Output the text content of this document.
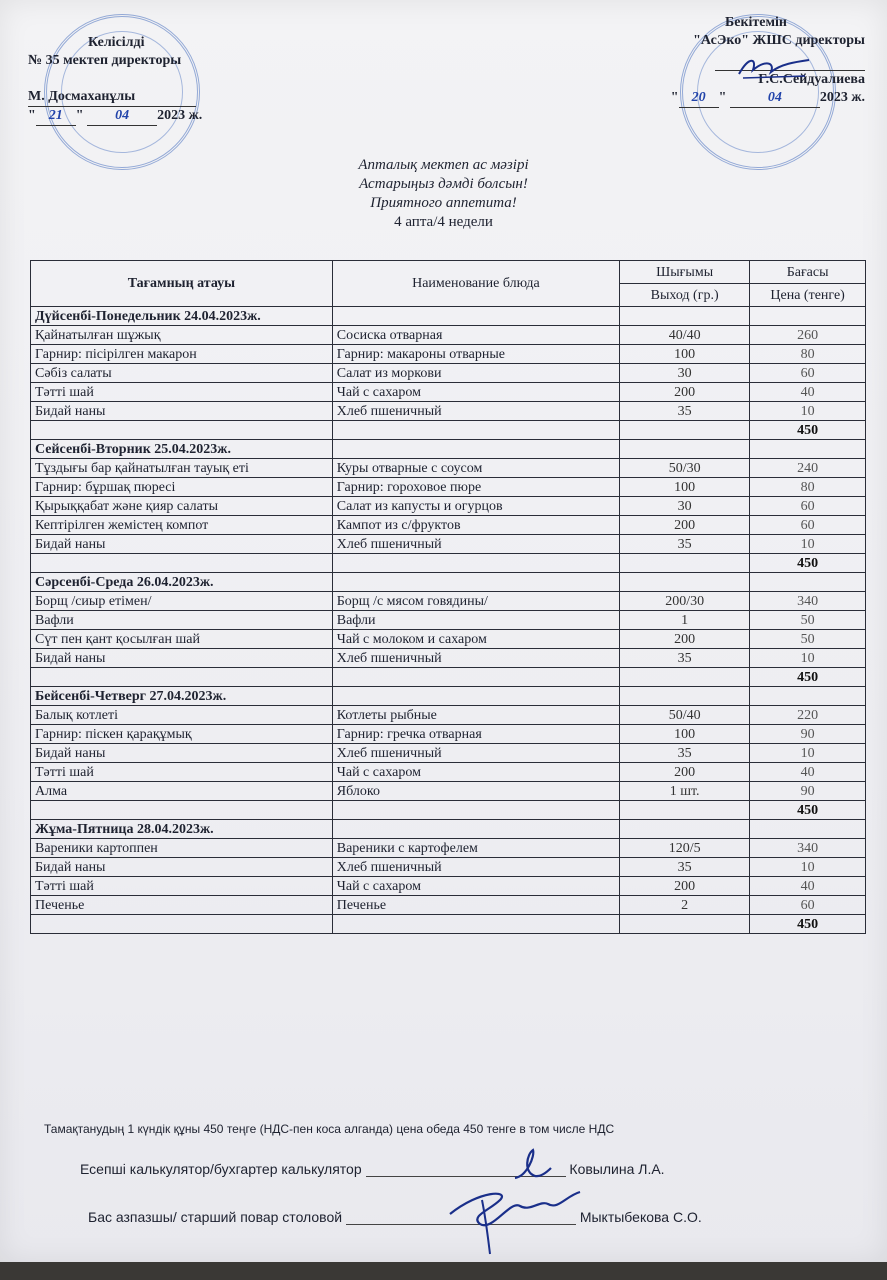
Келісілді
№ 35 мектеп директоры
М. Досмаханұлы
" 21 " 04 2023 ж.
Бекітемін
"АсЭко" ЖШС директоры
Г.С.Сейдуалиева
" 20 "	04	2023 ж.
Апталық мектеп ас мәзірі
Астарыңыз дәмді болсын!
Приятного аппетита!
4 апта/4 недели
Тағамның атауы	Наименование блюда	Шығымы	Бағасы
		Выход (гр.)	Цена (тенге)
Дүйсенбі-Понедельник 24.04.2023ж.			
Қайнатылған шұжық	Сосиска отварная	40/40	260
Гарнир: пісірілген макарон	Гарнир: макароны отварные	100	80
Сәбіз салаты	Салат из моркови	30	60
Тәтті шай	Чай с сахаром	200	40
Бидай наны	Хлеб пшеничный	35	10
			450
Сейсенбі-Вторник 25.04.2023ж.			
Тұздығы бар қайнатылған тауық еті	Куры отварные с соусом	50/30	240
Гарнир: бұршақ пюресі	Гарнир: гороховое пюре	100	80
Қырыққабат және қияр салаты	Салат из капусты и огурцов	30	60
Кептірілген жемістең компот	Кампот из с/фруктов	200	60
Бидай наны	Хлеб пшеничный	35	10
			450
Сәрсенбі-Среда 26.04.2023ж.			
Борщ /сиыр етімен/	Борщ /с мясом говядины/	200/30	340
Вафли	Вафли	1	50
Сүт пен қант қосылған шай	Чай с молоком и сахаром	200	50
Бидай наны	Хлеб пшеничный	35	10
			450
Бейсенбі-Четверг 27.04.2023ж.			
Балық котлеті	Котлеты рыбные	50/40	220
Гарнир: піскен қарақұмық	Гарнир: гречка отварная	100	90
Бидай наны	Хлеб пшеничный	35	10
Тәтті шай	Чай с сахаром	200	40
Алма	Яблоко	1 шт.	90
			450
Жұма-Пятница 28.04.2023ж.			
Вареники картоппен	Вареники с картофелем	120/5	340
Бидай наны	Хлеб пшеничный	35	10
Тәтті шай	Чай с сахаром	200	40
Печенье	Печенье	2	60
			450
Тамақтанудың 1 күндік құны 450 теңге (НДС-пен коса алганда) цена обеда 450 тенге в том числе НДС
Есепші калькулятор/бухгартер калькулятор	Ковылина Л.А.
Бас азпазшы/ старший повар столовой	Мыктыбекова С.О.
